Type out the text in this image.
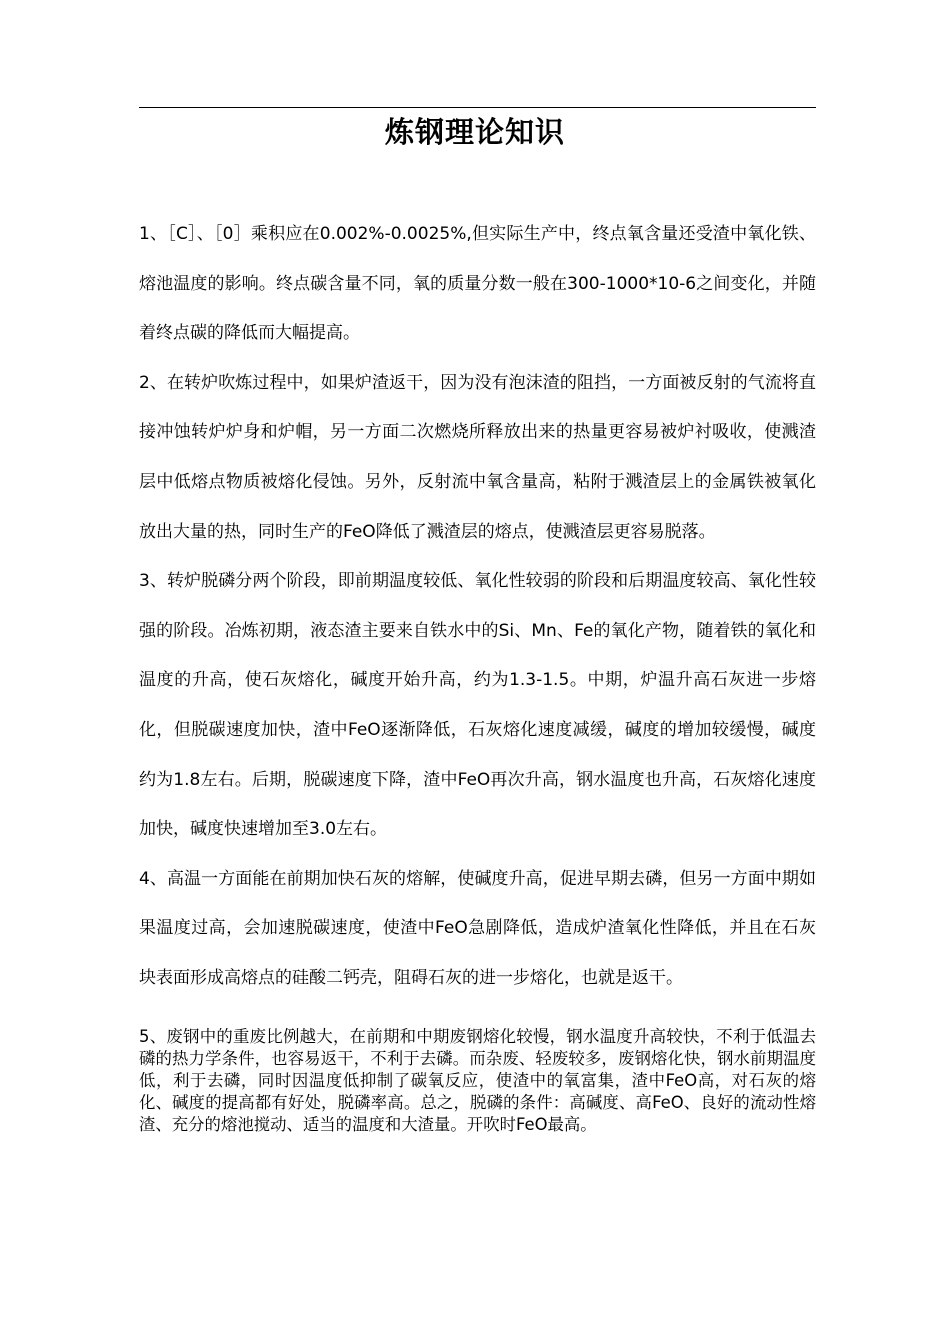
炼钢理论知识

1、［C］、［0］乘积应在0.002%-0.0025%,但实际生产中，终点氧含量还受渣中氧化铁、熔池温度的影响。终点碳含量不同，氧的质量分数一般在300-1000*10-6之间变化，并随着终点碳的降低而大幅提高。

2、在转炉吹炼过程中，如果炉渣返干，因为没有泡沫渣的阻挡，一方面被反射的气流将直接冲蚀转炉炉身和炉帽，另一方面二次燃烧所释放出来的热量更容易被炉衬吸收，使溅渣层中低熔点物质被熔化侵蚀。另外，反射流中氧含量高，粘附于溅渣层上的金属铁被氧化放出大量的热，同时生产的FeO降低了溅渣层的熔点，使溅渣层更容易脱落。

3、转炉脱磷分两个阶段，即前期温度较低、氧化性较弱的阶段和后期温度较高、氧化性较强的阶段。冶炼初期，液态渣主要来自铁水中的Si、Mn、Fe的氧化产物，随着铁的氧化和温度的升高，使石灰熔化，碱度开始升高，约为1.3-1.5。中期，炉温升高石灰进一步熔化，但脱碳速度加快，渣中FeO逐渐降低，石灰熔化速度减缓，碱度的增加较缓慢，碱度约为1.8左右。后期，脱碳速度下降，渣中FeO再次升高，钢水温度也升高，石灰熔化速度加快，碱度快速增加至3.0左右。

4、高温一方面能在前期加快石灰的熔解，使碱度升高，促进早期去磷，但另一方面中期如果温度过高，会加速脱碳速度，使渣中FeO急剧降低，造成炉渣氧化性降低，并且在石灰块表面形成高熔点的硅酸二钙壳，阻碍石灰的进一步熔化，也就是返干。

5、废钢中的重废比例越大，在前期和中期废钢熔化较慢，钢水温度升高较快，不利于低温去磷的热力学条件，也容易返干，不利于去磷。而杂废、轻废较多，废钢熔化快，钢水前期温度低，利于去磷，同时因温度低抑制了碳氧反应，使渣中的氧富集，渣中FeO高，对石灰的熔化、碱度的提高都有好处，脱磷率高。总之，脱磷的条件：高碱度、高FeO、良好的流动性熔渣、充分的熔池搅动、适当的温度和大渣量。开吹时FeO最高。
